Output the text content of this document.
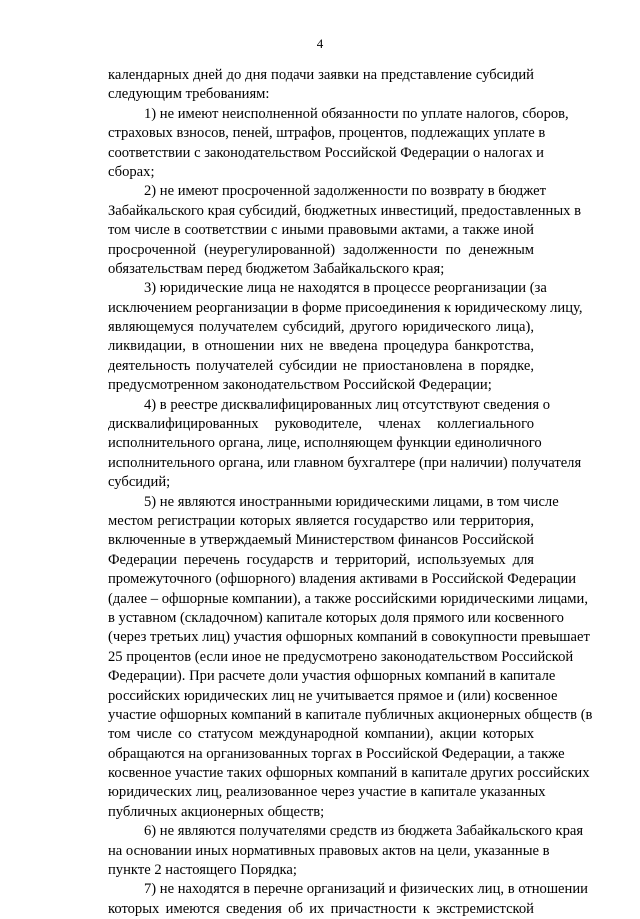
4
календарных дней до дня подачи заявки на представление субсидий
следующим требованиям:
1) не имеют неисполненной обязанности по уплате налогов, сборов,
страховых взносов, пеней, штрафов, процентов, подлежащих уплате в
соответствии с законодательством Российской Федерации о налогах и
сборах;
2) не имеют просроченной задолженности по возврату в бюджет
Забайкальского края субсидий, бюджетных инвестиций, предоставленных в
том числе в соответствии с иными правовыми актами, а также иной
просроченной (неурегулированной) задолженности по денежным
обязательствам перед бюджетом Забайкальского края;
3) юридические лица не находятся в процессе реорганизации (за
исключением реорганизации в форме присоединения к юридическому лицу,
являющемуся получателем субсидий, другого юридического лица),
ликвидации, в отношении них не введена процедура банкротства,
деятельность получателей субсидии не приостановлена в порядке,
предусмотренном законодательством Российской Федерации;
4) в реестре дисквалифицированных лиц отсутствуют сведения о
дисквалифицированных руководителе, членах коллегиального
исполнительного органа, лице, исполняющем функции единоличного
исполнительного органа, или главном бухгалтере (при наличии) получателя
субсидий;
5) не являются иностранными юридическими лицами, в том числе
местом регистрации которых является государство или территория,
включенные в утверждаемый Министерством финансов Российской
Федерации перечень государств и территорий, используемых для
промежуточного (офшорного) владения активами в Российской Федерации
(далее – офшорные компании), а также российскими юридическими лицами,
в уставном (складочном) капитале которых доля прямого или косвенного
(через третьих лиц) участия офшорных компаний в совокупности превышает
25 процентов (если иное не предусмотрено законодательством Российской
Федерации). При расчете доли участия офшорных компаний в капитале
российских юридических лиц не учитывается прямое и (или) косвенное
участие офшорных компаний в капитале публичных акционерных обществ (в
том числе со статусом международной компании), акции которых
обращаются на организованных торгах в Российской Федерации, а также
косвенное участие таких офшорных компаний в капитале других российских
юридических лиц, реализованное через участие в капитале указанных
публичных акционерных обществ;
6) не являются получателями средств из бюджета Забайкальского края
на основании иных нормативных правовых актов на цели, указанные в
пункте 2 настоящего Порядка;
7) не находятся в перечне организаций и физических лиц, в отношении
которых имеются сведения об их причастности к экстремистской
